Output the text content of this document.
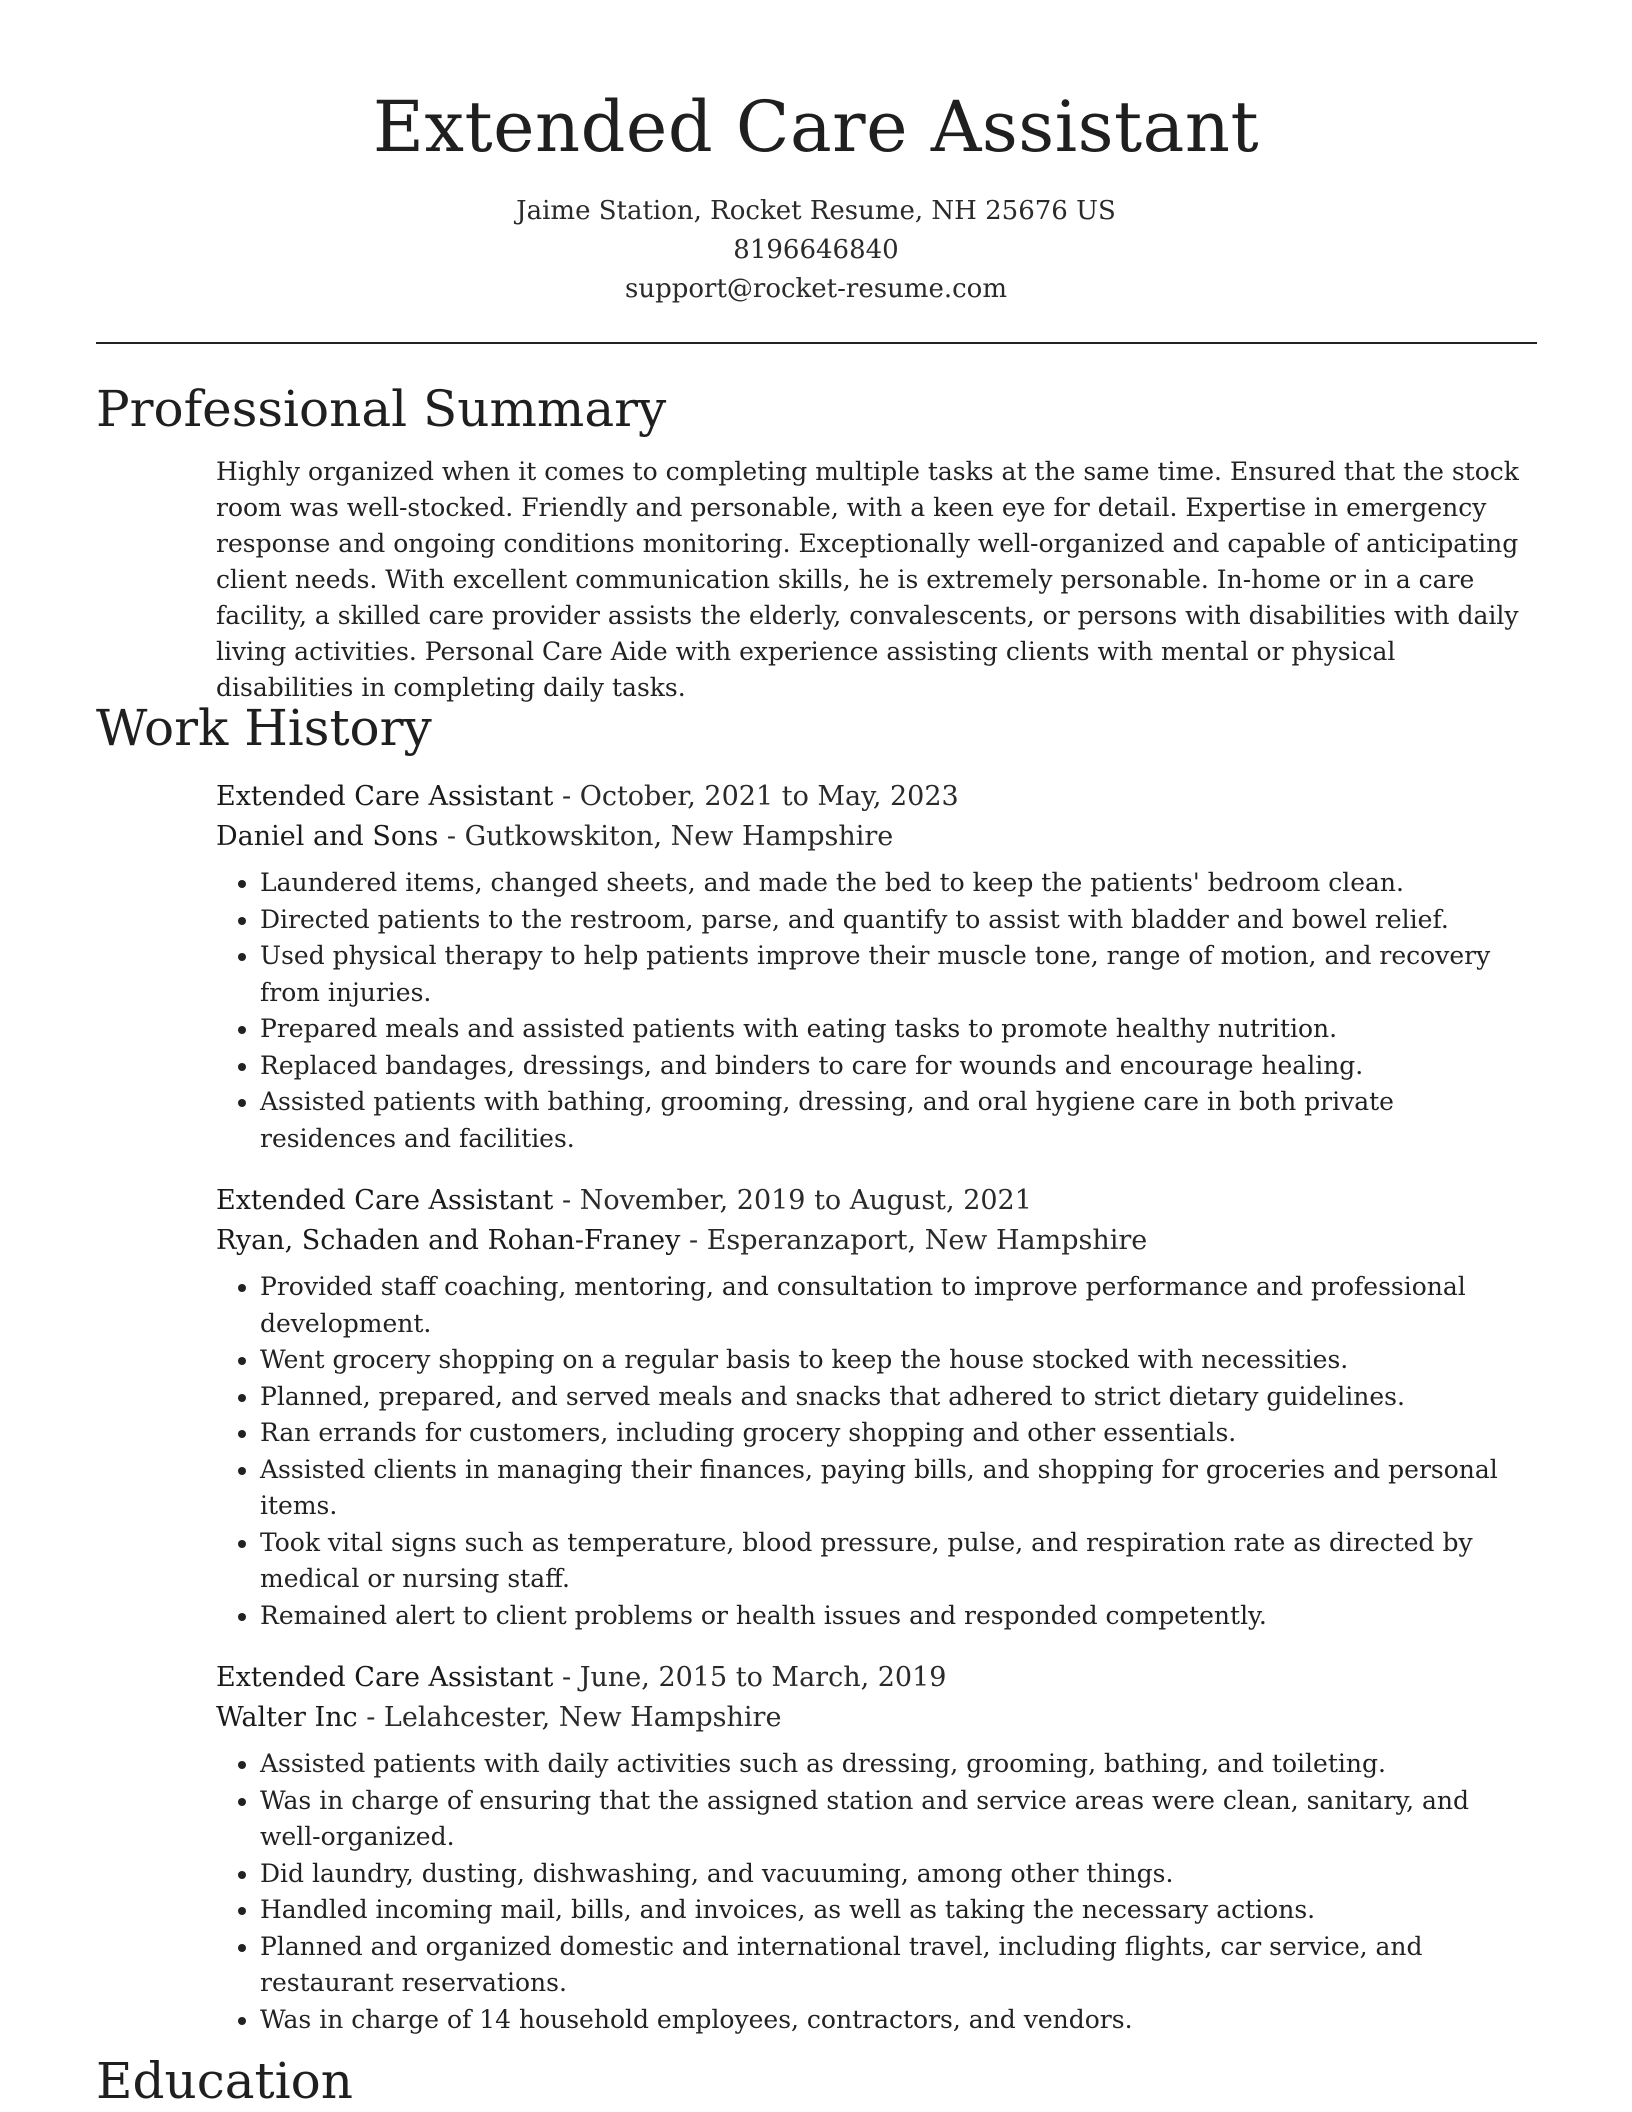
Extended Care Assistant
Jaime Station, Rocket Resume, NH 25676 US
8196646840
support@rocket-resume.com
Professional Summary

Highly organized when it comes to completing multiple tasks at the same time. Ensured that the stock room was well-stocked. Friendly and personable, with a keen eye for detail. Expertise in emergency response and ongoing conditions monitoring. Exceptionally well-organized and capable of anticipating client needs. With excellent communication skills, he is extremely personable. In-home or in a care facility, a skilled care provider assists the elderly, convalescents, or persons with disabilities with daily living activities. Personal Care Aide with experience assisting clients with mental or physical disabilities in completing daily tasks.

Work History
Extended Care Assistant - October, 2021 to May, 2023
Daniel and Sons - Gutkowskiton, New Hampshire
• Laundered items, changed sheets, and made the bed to keep the patients' bedroom clean.
• Directed patients to the restroom, parse, and quantify to assist with bladder and bowel relief.
• Used physical therapy to help patients improve their muscle tone, range of motion, and recovery from injuries.
• Prepared meals and assisted patients with eating tasks to promote healthy nutrition.
• Replaced bandages, dressings, and binders to care for wounds and encourage healing.
• Assisted patients with bathing, grooming, dressing, and oral hygiene care in both private residences and facilities.
Extended Care Assistant - November, 2019 to August, 2021
Ryan, Schaden and Rohan-Franey - Esperanzaport, New Hampshire
• Provided staff coaching, mentoring, and consultation to improve performance and professional development.
• Went grocery shopping on a regular basis to keep the house stocked with necessities.
• Planned, prepared, and served meals and snacks that adhered to strict dietary guidelines.
• Ran errands for customers, including grocery shopping and other essentials.
• Assisted clients in managing their finances, paying bills, and shopping for groceries and personal items.
• Took vital signs such as temperature, blood pressure, pulse, and respiration rate as directed by medical or nursing staff.
• Remained alert to client problems or health issues and responded competently.
Extended Care Assistant - June, 2015 to March, 2019
Walter Inc - Lelahcester, New Hampshire
• Assisted patients with daily activities such as dressing, grooming, bathing, and toileting.
• Was in charge of ensuring that the assigned station and service areas were clean, sanitary, and well-organized.
• Did laundry, dusting, dishwashing, and vacuuming, among other things.
• Handled incoming mail, bills, and invoices, as well as taking the necessary actions.
• Planned and organized domestic and international travel, including flights, car service, and restaurant reservations.
• Was in charge of 14 household employees, contractors, and vendors.
Education
